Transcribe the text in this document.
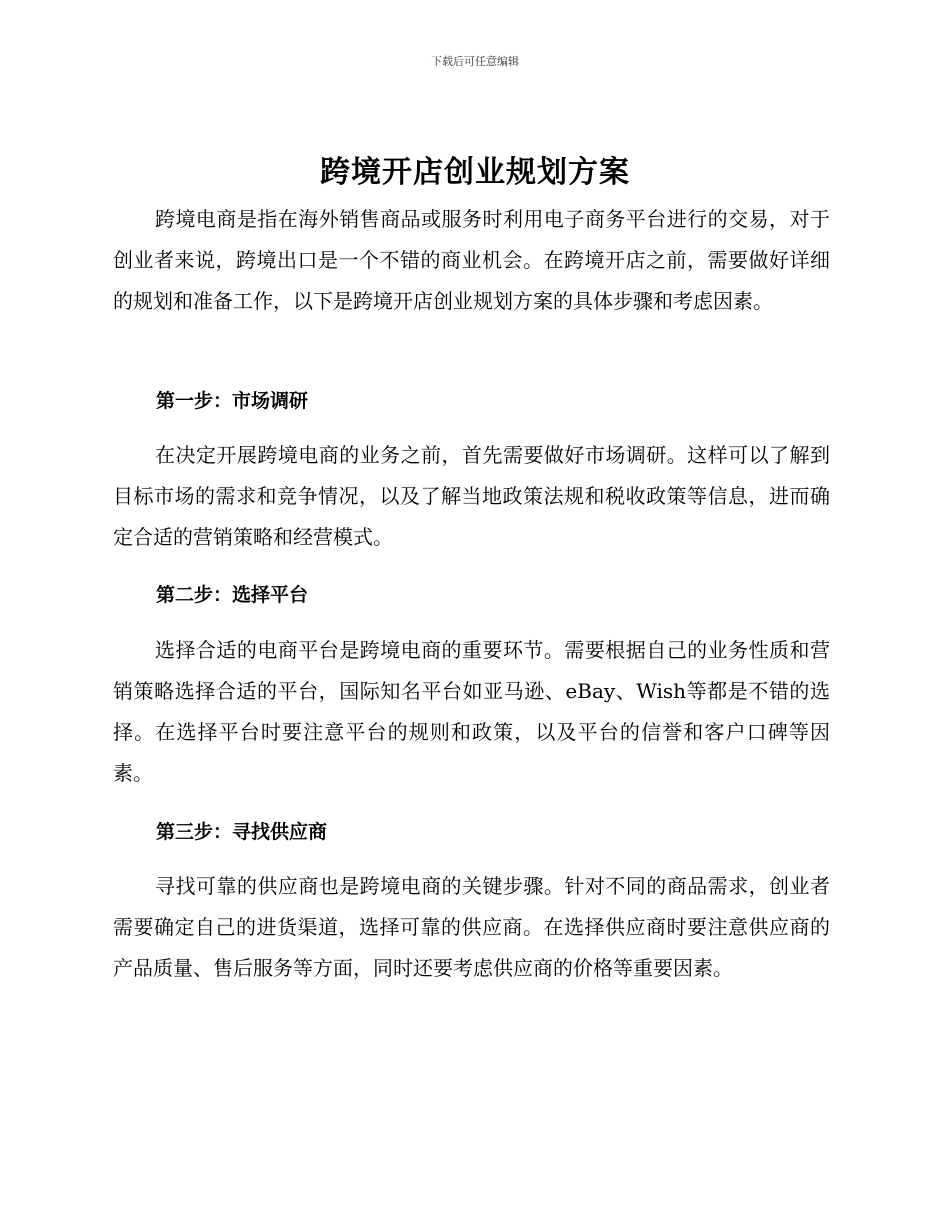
下载后可任意编辑
跨境开店创业规划方案

跨境电商是指在海外销售商品或服务时利用电子商务平台进行的交易，对于创业者来说，跨境出口是一个不错的商业机会。在跨境开店之前，需要做好详细的规划和准备工作，以下是跨境开店创业规划方案的具体步骤和考虑因素。

第一步：市场调研

在决定开展跨境电商的业务之前，首先需要做好市场调研。这样可以了解到目标市场的需求和竞争情况，以及了解当地政策法规和税收政策等信息，进而确定合适的营销策略和经营模式。

第二步：选择平台

选择合适的电商平台是跨境电商的重要环节。需要根据自己的业务性质和营销策略选择合适的平台，国际知名平台如亚马逊、eBay、Wish等都是不错的选择。在选择平台时要注意平台的规则和政策，以及平台的信誉和客户口碑等因素。

第三步：寻找供应商

寻找可靠的供应商也是跨境电商的关键步骤。针对不同的商品需求，创业者需要确定自己的进货渠道，选择可靠的供应商。在选择供应商时要注意供应商的产品质量、售后服务等方面，同时还要考虑供应商的价格等重要因素。
